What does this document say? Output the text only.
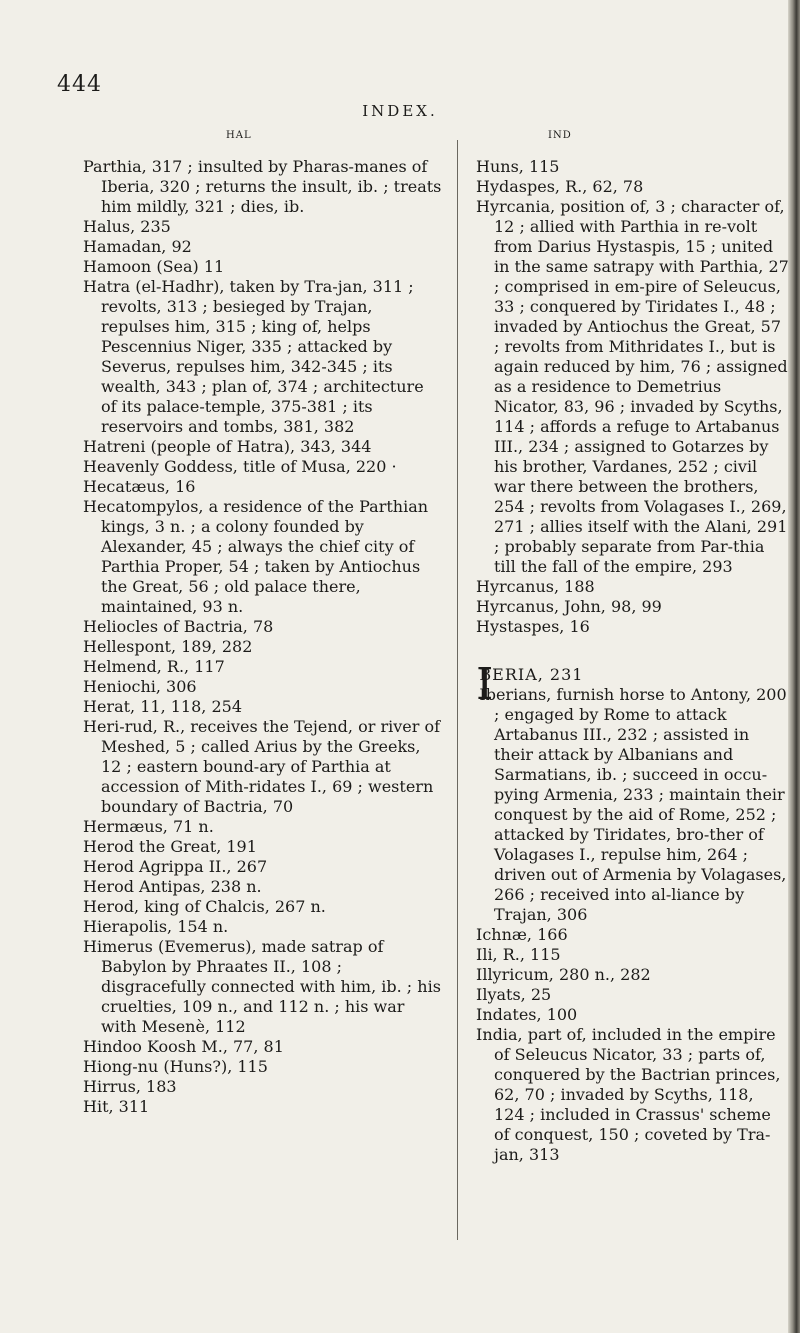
444
INDEX.
HAL	IND

Parthia, 317 ; insulted by Pharas-manes of Iberia, 320 ; returns the insult, ib. ; treats him mildly, 321 ; dies, ib.

Halus, 235

Hamadan, 92

Hamoon (Sea) 11

Hatra (el-Hadhr), taken by Tra-jan, 311 ; revolts, 313 ; besieged by Trajan, repulses him, 315 ; king of, helps Pescennius Niger, 335 ; attacked by Severus, repulses him, 342-345 ; its wealth, 343 ; plan of, 374 ; architecture of its palace-temple, 375-381 ; its reservoirs and tombs, 381, 382

Hatreni (people of Hatra), 343, 344

Heavenly Goddess, title of Musa, 220 ·

Hecatæus, 16

Hecatompylos, a residence of the Parthian kings, 3 n. ; a colony founded by Alexander, 45 ; always the chief city of Parthia Proper, 54 ; taken by Antiochus the Great, 56 ; old palace there, maintained, 93 n.

Heliocles of Bactria, 78

Hellespont, 189, 282

Helmend, R., 117

Heniochi, 306

Herat, 11, 118, 254

Heri-rud, R., receives the Tejend, or river of Meshed, 5 ; called Arius by the Greeks, 12 ; eastern bound-ary of Parthia at accession of Mith-ridates I., 69 ; western boundary of Bactria, 70

Hermæus, 71 n.

Herod the Great, 191

Herod Agrippa II., 267

Herod Antipas, 238 n.

Herod, king of Chalcis, 267 n.

Hierapolis, 154 n.

Himerus (Evemerus), made satrap of Babylon by Phraates II., 108 ; disgracefully connected with him, ib. ; his cruelties, 109 n., and 112 n. ; his war with Mesenè, 112

Hindoo Koosh M., 77, 81

Hiong-nu (Huns?), 115

Hirrus, 183

Hit, 311

Huns, 115

Hydaspes, R., 62, 78

Hyrcania, position of, 3 ; character of, 12 ; allied with Parthia in re-volt from Darius Hystaspis, 15 ; united in the same satrapy with Parthia, 27 ; comprised in em-pire of Seleucus, 33 ; conquered by Tiridates I., 48 ; invaded by Antiochus the Great, 57 ; revolts from Mithridates I., but is again reduced by him, 76 ; assigned as a residence to Demetrius Nicator, 83, 96 ; invaded by Scyths, 114 ; affords a refuge to Artabanus III., 234 ; assigned to Gotarzes by his brother, Vardanes, 252 ; civil war there between the brothers, 254 ; revolts from Volagases I., 269, 271 ; allies itself with the Alani, 291 ; probably separate from Par-thia till the fall of the empire, 293

Hyrcanus, 188

Hyrcanus, John, 98, 99

Hystaspes, 16

I
BERIA, 231

Iberians, furnish horse to Antony, 200 ; engaged by Rome to attack Artabanus III., 232 ; assisted in their attack by Albanians and Sarmatians, ib. ; succeed in occu-pying Armenia, 233 ; maintain their conquest by the aid of Rome, 252 ; attacked by Tiridates, bro-ther of Volagases I., repulse him, 264 ; driven out of Armenia by Volagases, 266 ; received into al-liance by Trajan, 306

Ichnæ, 166

Ili, R., 115

Illyricum, 280 n., 282

Ilyats, 25

Indates, 100

India, part of, included in the empire of Seleucus Nicator, 33 ; parts of, conquered by the Bactrian princes, 62, 70 ; invaded by Scyths, 118, 124 ; included in Crassus' scheme of conquest, 150 ; coveted by Tra-jan, 313
